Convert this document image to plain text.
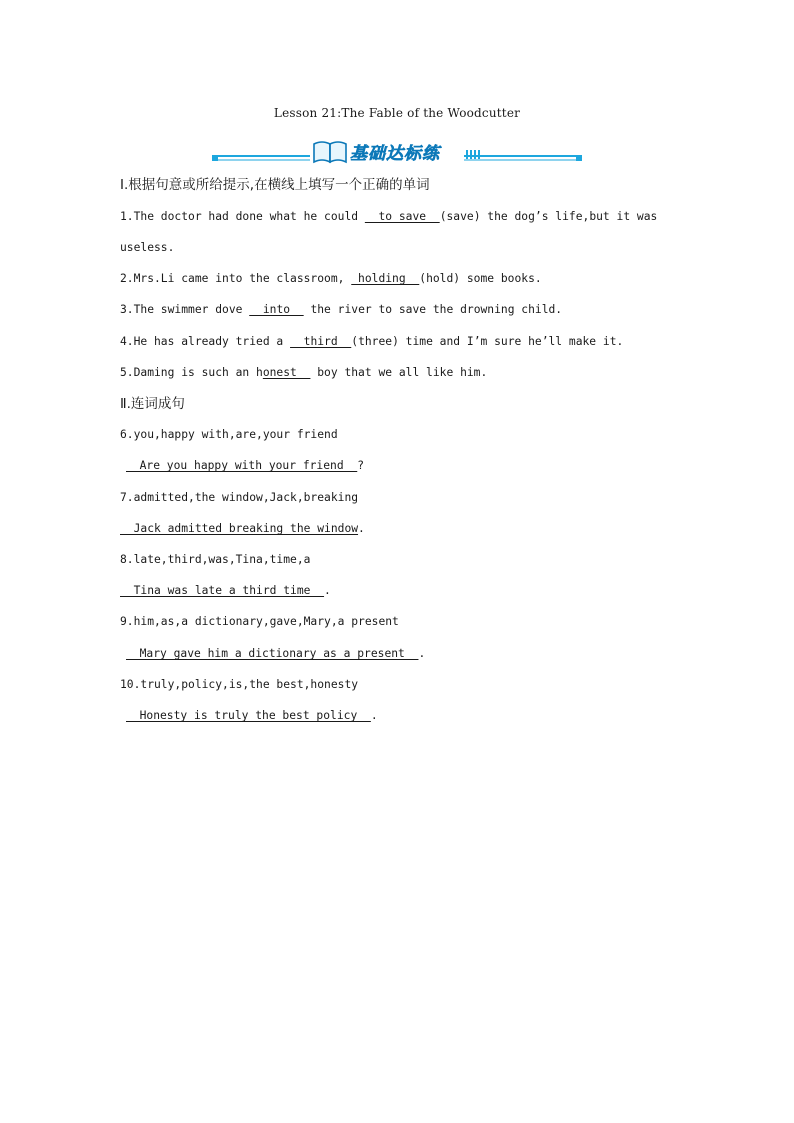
Lesson 21:The Fable of the Woodcutter
基础达标练
Ⅰ.根据句意或所给提示,在横线上填写一个正确的单词
1.The doctor had done what he could   to save  (save) the dog’s life,but it was
useless.
2.Mrs.Li came into the classroom,  holding  (hold) some books.
3.The swimmer dove   into   the river to save the drowning child.
4.He has already tried a   third  (three) time and I’m sure he’ll make it.
5.Daming is such an honest   boy that we all like him.
Ⅱ.连词成句
6.you,happy with,are,your friend
Are you happy with your friend  ?
7.admitted,the window,Jack,breaking
Jack admitted breaking the window.
8.late,third,was,Tina,time,a
Tina was late a third time  .
9.him,as,a dictionary,gave,Mary,a present
Mary gave him a dictionary as a present  .
10.truly,policy,is,the best,honesty
Honesty is truly the best policy  .
